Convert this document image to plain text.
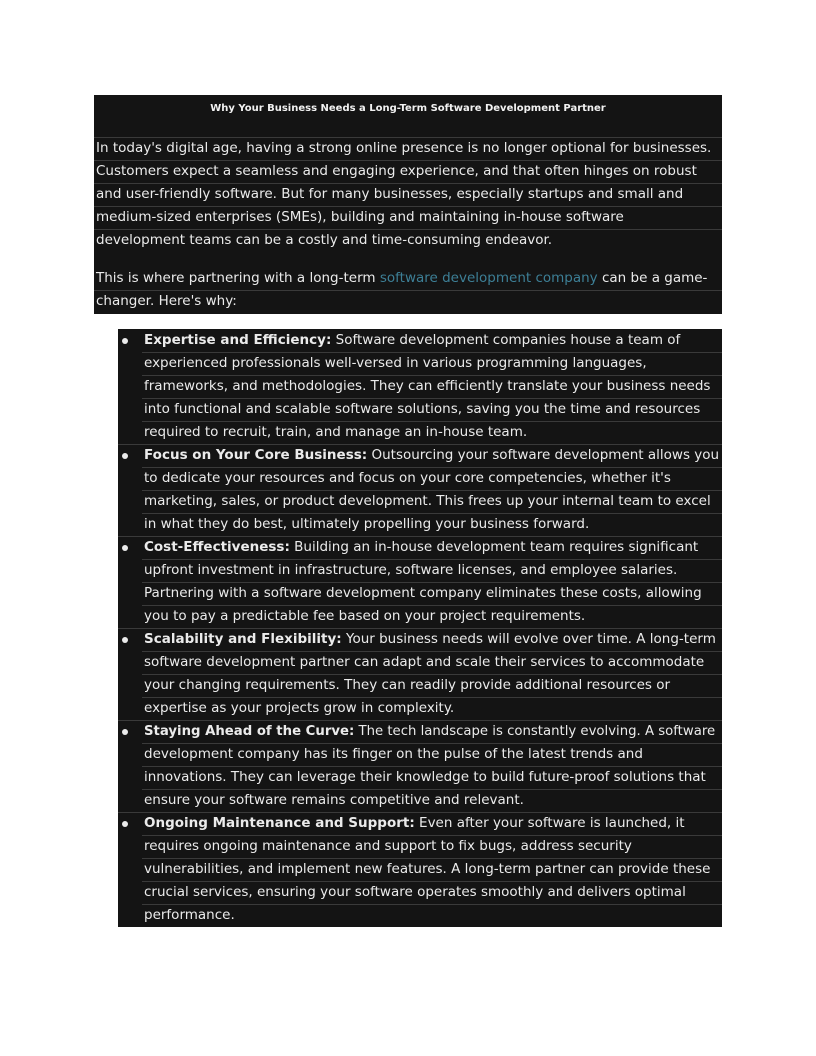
Why Your Business Needs a Long-Term Software Development Partner
In today's digital age, having a strong online presence is no longer optional for businesses.
Customers expect a seamless and engaging experience, and that often hinges on robust
and user-friendly software. But for many businesses, especially startups and small and
medium-sized enterprises (SMEs), building and maintaining in-house software
development teams can be a costly and time-consuming endeavor.
This is where partnering with a long-term software development company can be a game-
changer. Here's why:
Expertise and Efficiency: Software development companies house a team of
experienced professionals well-versed in various programming languages,
frameworks, and methodologies. They can efficiently translate your business needs
into functional and scalable software solutions, saving you the time and resources
required to recruit, train, and manage an in-house team.
Focus on Your Core Business: Outsourcing your software development allows you
to dedicate your resources and focus on your core competencies, whether it's
marketing, sales, or product development. This frees up your internal team to excel
in what they do best, ultimately propelling your business forward.
Cost-Effectiveness: Building an in-house development team requires significant
upfront investment in infrastructure, software licenses, and employee salaries.
Partnering with a software development company eliminates these costs, allowing
you to pay a predictable fee based on your project requirements.
Scalability and Flexibility: Your business needs will evolve over time. A long-term
software development partner can adapt and scale their services to accommodate
your changing requirements. They can readily provide additional resources or
expertise as your projects grow in complexity.
Staying Ahead of the Curve: The tech landscape is constantly evolving. A software
development company has its finger on the pulse of the latest trends and
innovations. They can leverage their knowledge to build future-proof solutions that
ensure your software remains competitive and relevant.
Ongoing Maintenance and Support: Even after your software is launched, it
requires ongoing maintenance and support to fix bugs, address security
vulnerabilities, and implement new features. A long-term partner can provide these
crucial services, ensuring your software operates smoothly and delivers optimal
performance.
